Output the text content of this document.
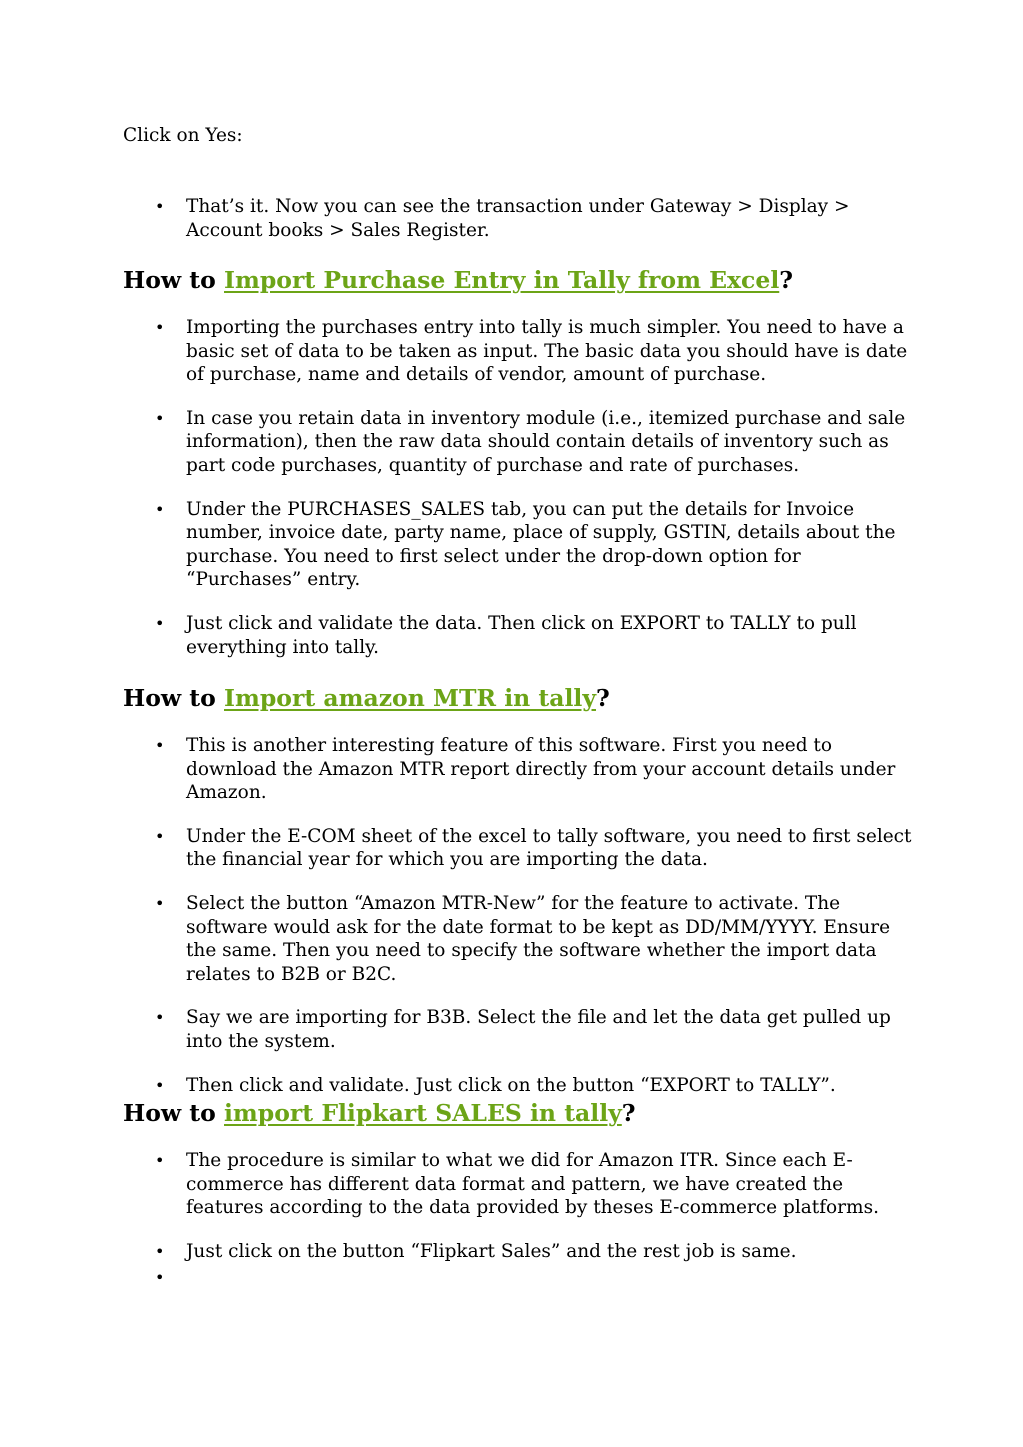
Click on Yes:

• That’s it. Now you can see the transaction under Gateway > Display > Account books > Sales Register.
How to Import Purchase Entry in Tally from Excel?
• Importing the purchases entry into tally is much simpler. You need to have a basic set of data to be taken as input. The basic data you should have is date of purchase, name and details of vendor, amount of purchase.
• In case you retain data in inventory module (i.e., itemized purchase and sale information), then the raw data should contain details of inventory such as part code purchases, quantity of purchase and rate of purchases.
• Under the PURCHASES_SALES tab, you can put the details for Invoice number, invoice date, party name, place of supply, GSTIN, details about the purchase. You need to first select under the drop-down option for “Purchases” entry.
• Just click and validate the data. Then click on EXPORT to TALLY to pull everything into tally.
How to Import amazon MTR in tally?
• This is another interesting feature of this software. First you need to download the Amazon MTR report directly from your account details under Amazon.
• Under the E-COM sheet of the excel to tally software, you need to first select the financial year for which you are importing the data.
• Select the button “Amazon MTR-New” for the feature to activate. The software would ask for the date format to be kept as DD/MM/YYYY. Ensure the same. Then you need to specify the software whether the import data relates to B2B or B2C.
• Say we are importing for B3B. Select the file and let the data get pulled up into the system.
• Then click and validate. Just click on the button “EXPORT to TALLY”.
How to import Flipkart SALES in tally?
• The procedure is similar to what we did for Amazon ITR. Since each E-commerce has different data format and pattern, we have created the features according to the data provided by theses E-commerce platforms.
• Just click on the button “Flipkart Sales” and the rest job is same.
•
